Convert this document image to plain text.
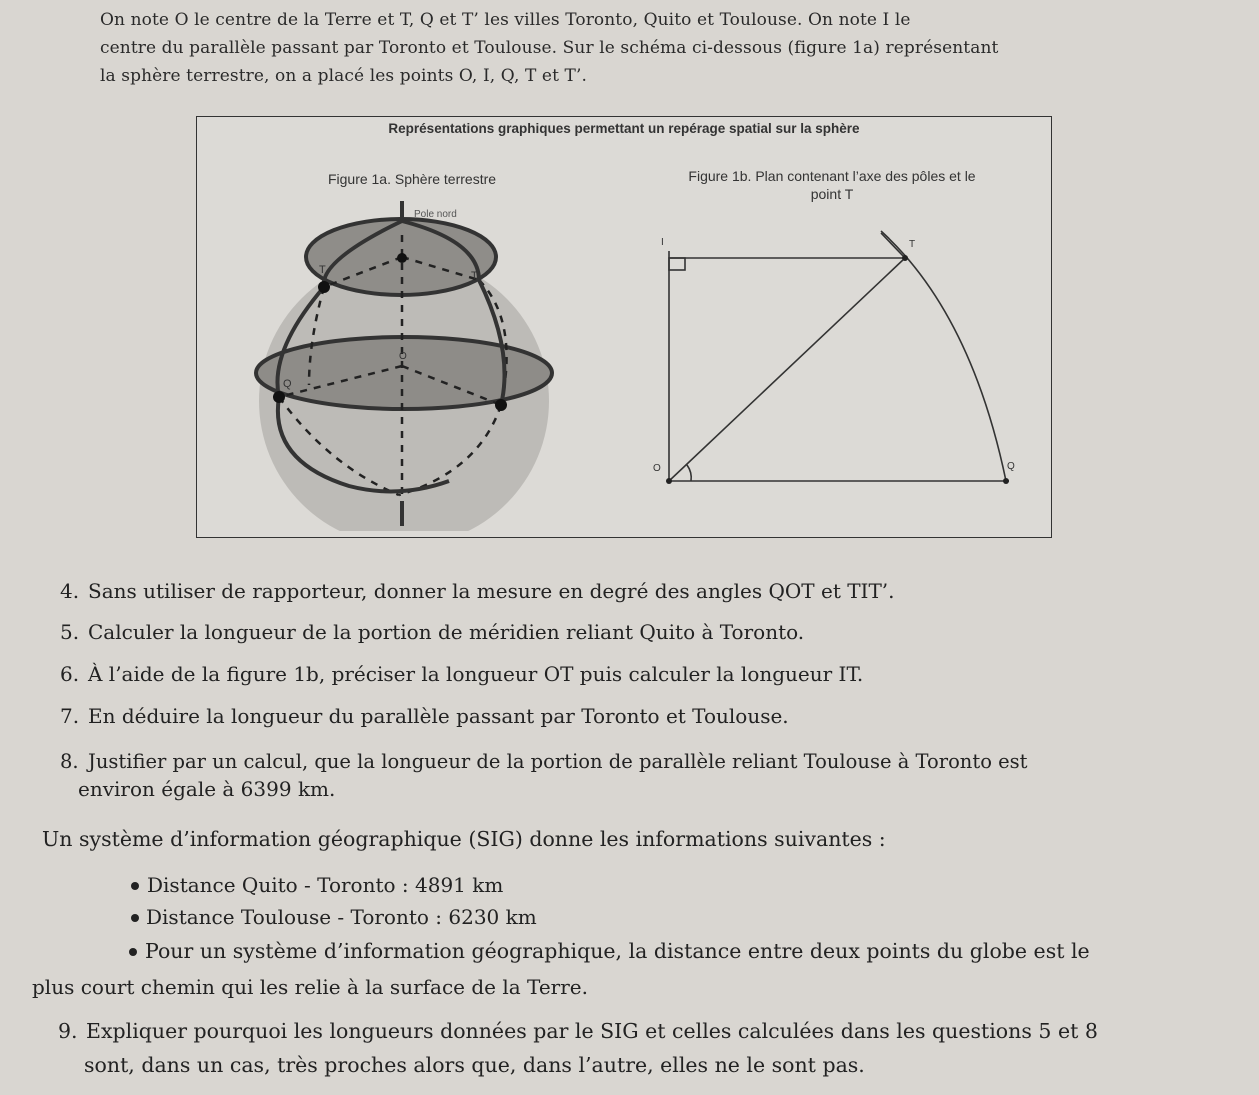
On note O le centre de la Terre et T, Q et T’ les villes Toronto, Quito et Toulouse. On note I le
centre du parallèle passant par Toronto et Toulouse. Sur le schéma ci-dessous (figure 1a) représentant
la sphère terrestre, on a placé les points O, I, Q, T et T’.
Représentations graphiques permettant un repérage spatial sur la sphère
Figure 1a. Sphère terrestre	Figure 1b. Plan contenant l’axe des pôles et le
point T
Pole nord
T	T'
O
Q
I	T
O	Q
4. Sans utiliser de rapporteur, donner la mesure en degré des angles QOT et TIT’.
5. Calculer la longueur de la portion de méridien reliant Quito à Toronto.
6. À l’aide de la figure 1b, préciser la longueur OT puis calculer la longueur IT.
7. En déduire la longueur du parallèle passant par Toronto et Toulouse.
8. Justifier par un calcul, que la longueur de la portion de parallèle reliant Toulouse à Toronto est
environ égale à 6399 km.
Un système d’information géographique (SIG) donne les informations suivantes :
Distance Quito - Toronto : 4891 km
Distance Toulouse - Toronto : 6230 km
Pour un système d’information géographique, la distance entre deux points du globe est le
plus court chemin qui les relie à la surface de la Terre.
9. Expliquer pourquoi les longueurs données par le SIG et celles calculées dans les questions 5 et 8
sont, dans un cas, très proches alors que, dans l’autre, elles ne le sont pas.
